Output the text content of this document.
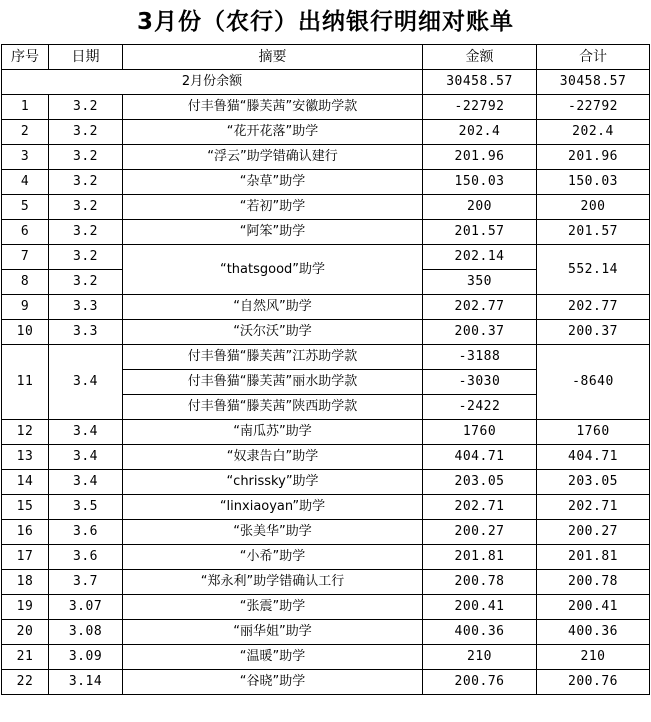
3月份（农行）出纳银行明细对账单
序号	日期	摘要	金额	合计
2月份余额			30458.57	30458.57
1	3.2	付丰鲁猫“滕芙茜”安徽助学款	-22792	-22792
2	3.2	“花开花落”助学	202.4	202.4
3	3.2	“浮云”助学错确认建行	201.96	201.96
4	3.2	“杂草”助学	150.03	150.03
5	3.2	“若初”助学	200	200
6	3.2	“阿笨”助学	201.57	201.57
7	3.2	“thatsgood”助学	202.14	552.14
8	3.2		350	
9	3.3	“自然风”助学	202.77	202.77
10	3.3	“沃尔沃”助学	200.37	200.37
11	3.4	付丰鲁猫“滕芙茜”江苏助学款	-3188	-8640
		付丰鲁猫“滕芙茜”丽水助学款	-3030	
		付丰鲁猫“滕芙茜”陕西助学款	-2422	
12	3.4	“南瓜苏”助学	1760	1760
13	3.4	“奴隶告白”助学	404.71	404.71
14	3.4	“chrissky”助学	203.05	203.05
15	3.5	“linxiaoyan”助学	202.71	202.71
16	3.6	“张美华”助学	200.27	200.27
17	3.6	“小希”助学	201.81	201.81
18	3.7	“郑永利”助学错确认工行	200.78	200.78
19	3.07	“张震”助学	200.41	200.41
20	3.08	“丽华姐”助学	400.36	400.36
21	3.09	“温暖”助学	210	210
22	3.14	“谷晓”助学	200.76	200.76
